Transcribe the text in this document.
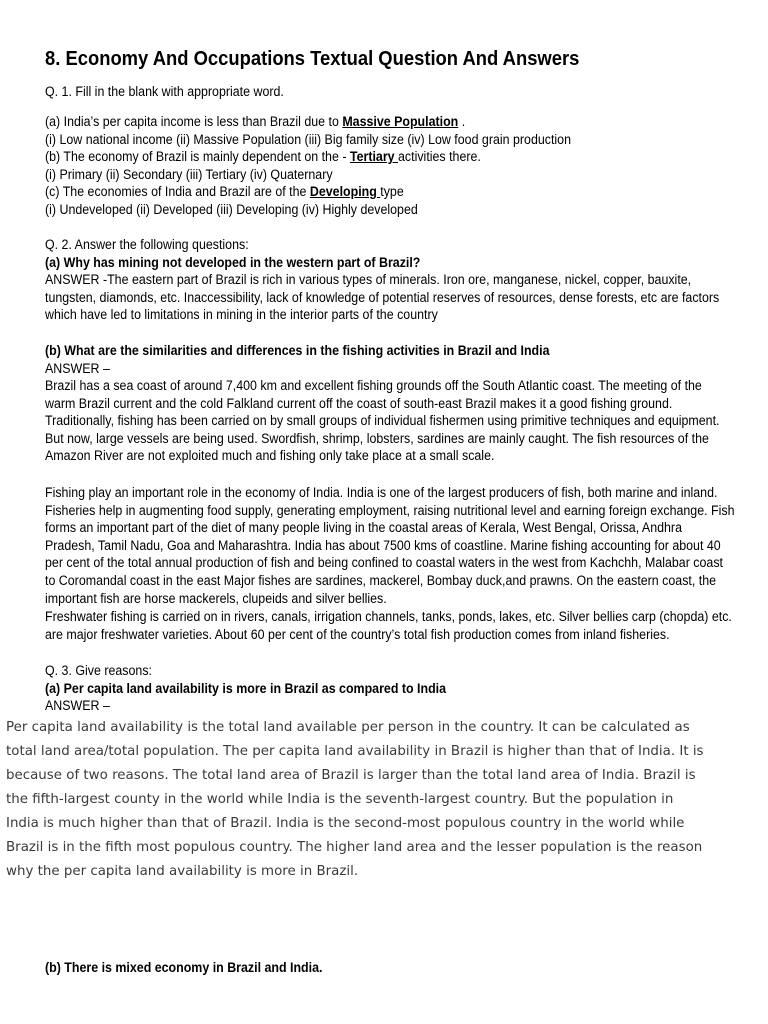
8. Economy And Occupations Textual Question And Answers
Q. 1. Fill in the blank with appropriate word.
(a) India’s per capita income is less than Brazil due to Massive Population .
(i) Low national income (ii) Massive Population (iii) Big family size (iv) Low food grain production
(b) The economy of Brazil is mainly dependent on the - Tertiary activities there.
(i) Primary (ii) Secondary (iii) Tertiary (iv) Quaternary
(c) The economies of India and Brazil are of the Developing type
(i) Undeveloped (ii) Developed (iii) Developing (iv) Highly developed
Q. 2. Answer the following questions:
(a) Why has mining not developed in the western part of Brazil?
ANSWER -The eastern part of Brazil is rich in various types of minerals. Iron ore, manganese, nickel, copper, bauxite, tungsten, diamonds, etc. Inaccessibility, lack of knowledge of potential reserves of resources, dense forests, etc are factors which have led to limitations in mining in the interior parts of the country
(b) What are the similarities and differences in the fishing activities in Brazil and India
ANSWER –
Brazil has a sea coast of around 7,400 km and excellent fishing grounds off the South Atlantic coast. The meeting of the warm Brazil current and the cold Falkland current off the coast of south-east Brazil makes it a good fishing ground. Traditionally, fishing has been carried on by small groups of individual fishermen using primitive techniques and equipment. But now, large vessels are being used. Swordfish, shrimp, lobsters, sardines are mainly caught. The fish resources of the Amazon River are not exploited much and fishing only take place at a small scale.
Fishing play an important role in the economy of India. India is one of the largest producers of fish, both marine and inland. Fisheries help in augmenting food supply, generating employment, raising nutritional level and earning foreign exchange. Fish forms an important part of the diet of many people living in the coastal areas of Kerala, West Bengal, Orissa, Andhra Pradesh, Tamil Nadu, Goa and Maharashtra. India has about 7500 kms of coastline. Marine fishing accounting for about 40 per cent of the total annual production of fish and being confined to coastal waters in the west from Kachchh, Malabar coast to Coromandal coast in the east Major fishes are sardines, mackerel, Bombay duck,and prawns. On the eastern coast, the important fish are horse mackerels, clupeids and silver bellies.
Freshwater fishing is carried on in rivers, canals, irrigation channels, tanks, ponds, lakes, etc. Silver bellies carp (chopda) etc. are major freshwater varieties. About 60 per cent of the country’s total fish production comes from inland fisheries.
Q. 3. Give reasons:
(a) Per capita land availability is more in Brazil as compared to India
ANSWER –
(b) There is mixed economy in Brazil and India.
Per capita land availability is the total land available per person in the country. It can be calculated as total land area/total population. The per capita land availability in Brazil is higher than that of India. It is because of two reasons. The total land area of Brazil is larger than the total land area of India. Brazil is the fifth-largest county in the world while India is the seventh-largest country. But the population in India is much higher than that of Brazil. India is the second-most populous country in the world while Brazil is in the fifth most populous country. The higher land area and the lesser population is the reason why the per capita land availability is more in Brazil.
